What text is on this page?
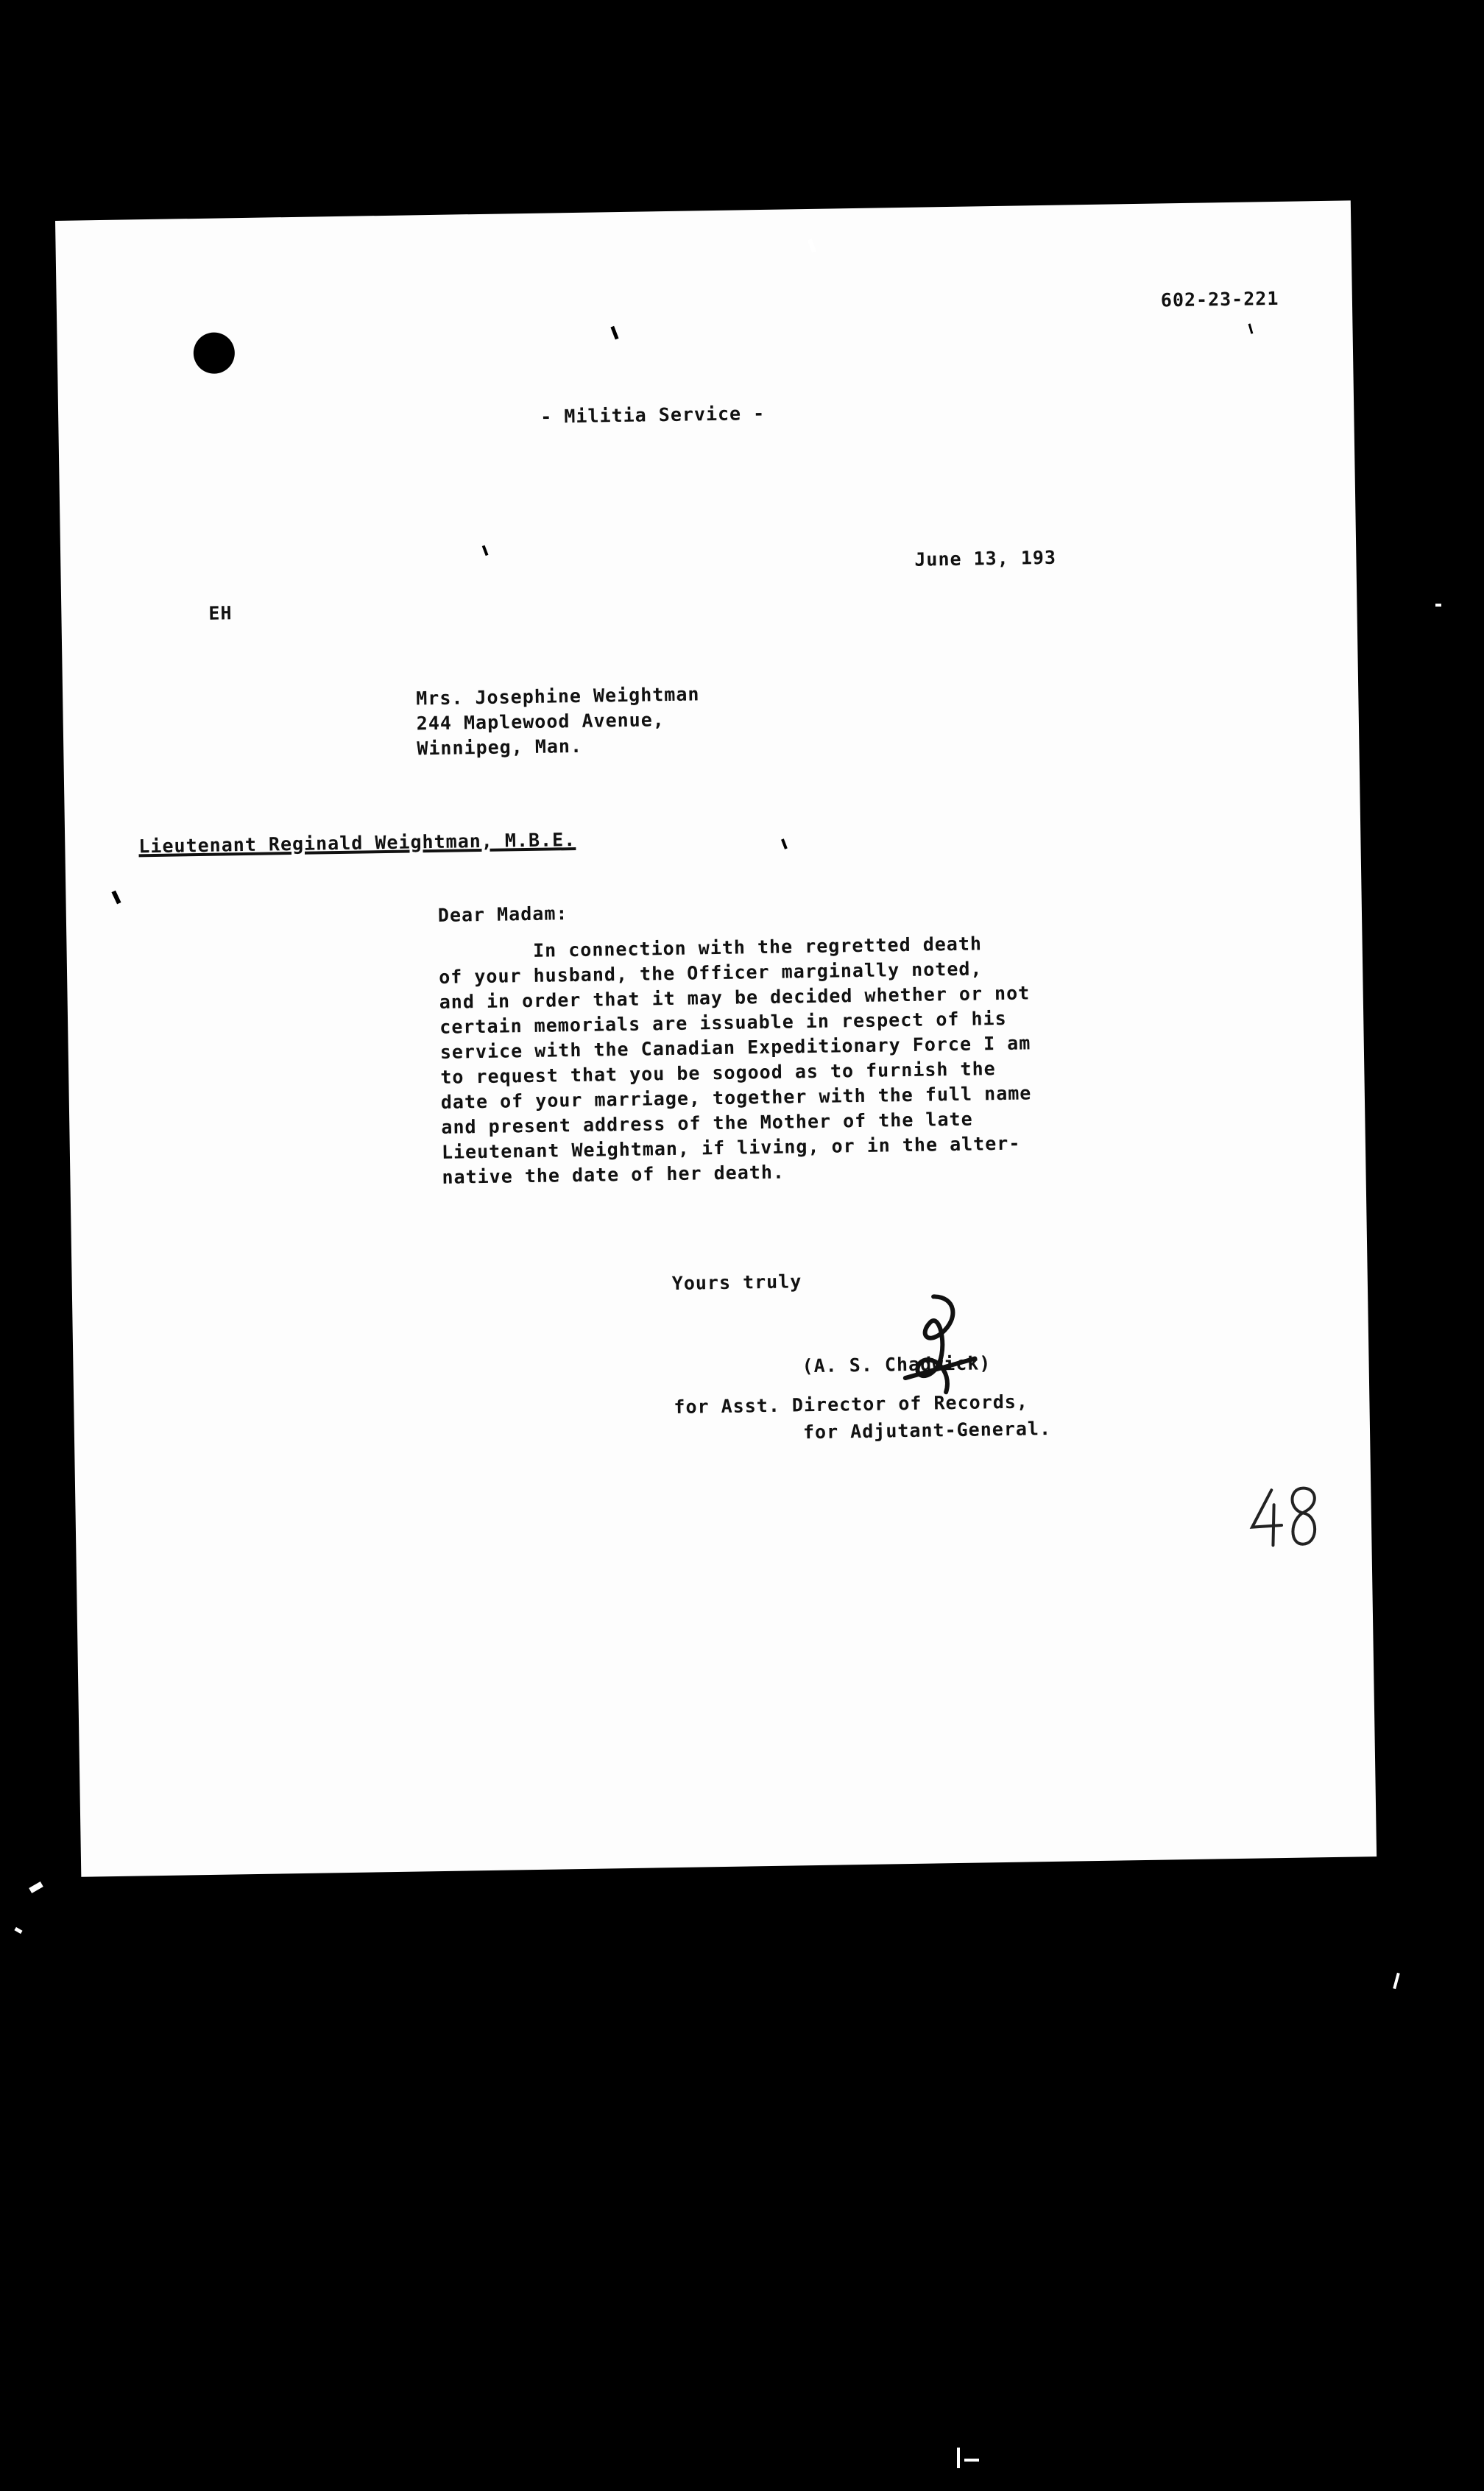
602-23-221
- Militia Service -
June 13, 193
EH
Mrs. Josephine Weightman
244 Maplewood Avenue,
Winnipeg, Man.
Lieutenant Reginald Weightman, M.B.E.
Dear Madam:
In connection with the regretted death
of your husband, the Officer marginally noted,
and in order that it may be decided whether or not
certain memorials are issuable in respect of his
service with the Canadian Expeditionary Force I am
to request that you be sogood as to furnish the
date of your marriage, together with the full name
and present address of the Mother of the late
Lieutenant Weightman, if living, or in the alter-
native the date of her death.
Yours truly
(A. S. Chadwick)
for Asst. Director of Records,
for Adjutant-General.
